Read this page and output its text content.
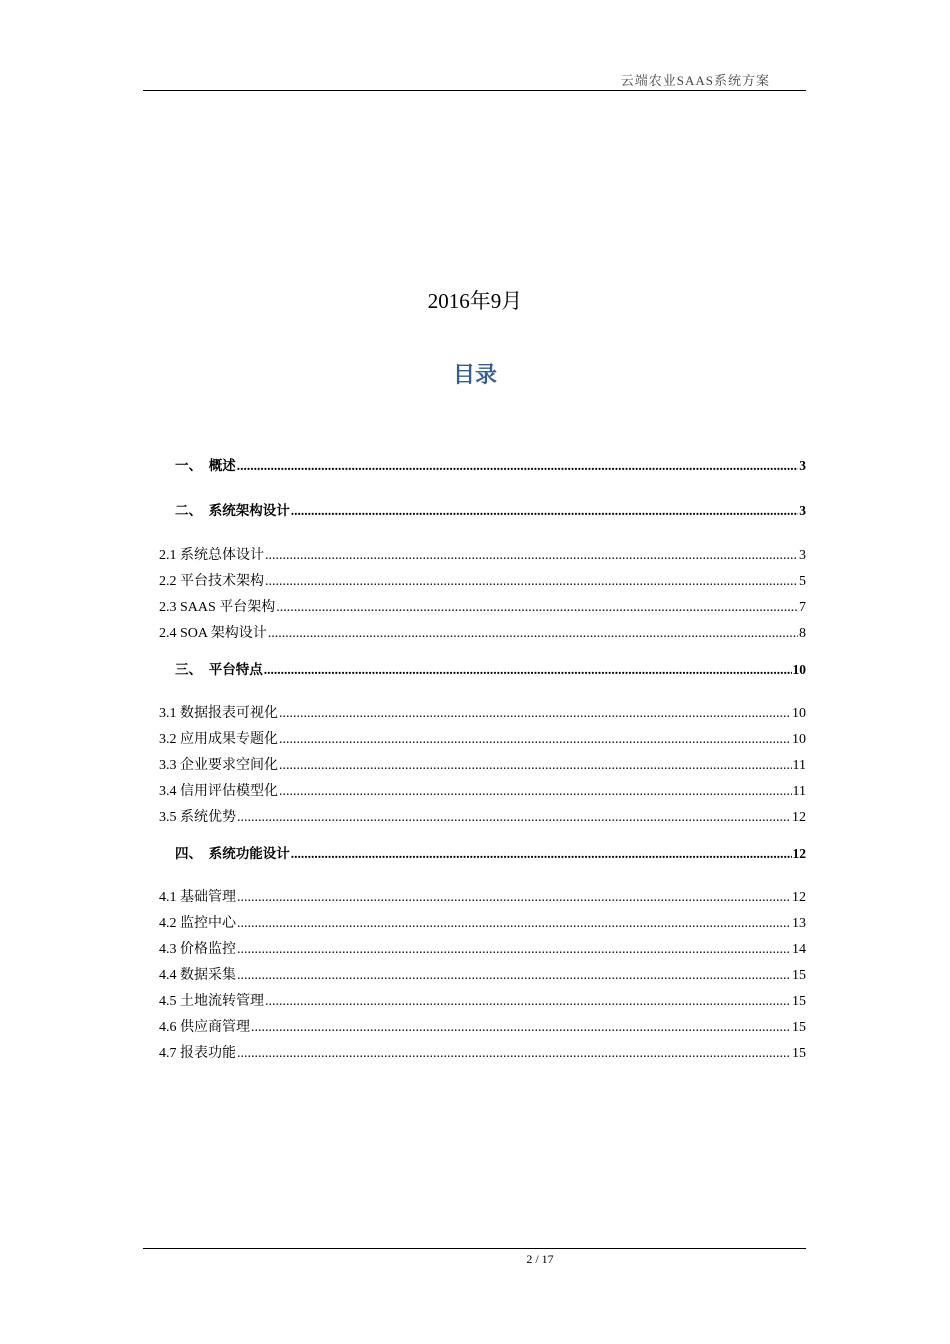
云端农业SAAS系统方案
2016年9月
目录
一、  概述 .....	3
二、  系统架构设计 .....	3
2.1 系统总体设计 .....	3
2.2 平台技术架构 .....	5
2.3 SAAS 平台架构 .....	7
2.4 SOA 架构设计 .....	8
三、  平台特点 .....	10
3.1 数据报表可视化 .....	10
3.2 应用成果专题化 .....	10
3.3 企业要求空间化 .....	11
3.4 信用评估模型化 .....	11
3.5 系统优势 .....	12
四、  系统功能设计 .....	12
4.1 基础管理 .....	12
4.2 监控中心 .....	13
4.3 价格监控 .....	14
4.4 数据采集 .....	15
4.5 土地流转管理 .....	15
4.6 供应商管理 .....	15
4.7 报表功能 .....	15
2 / 17
